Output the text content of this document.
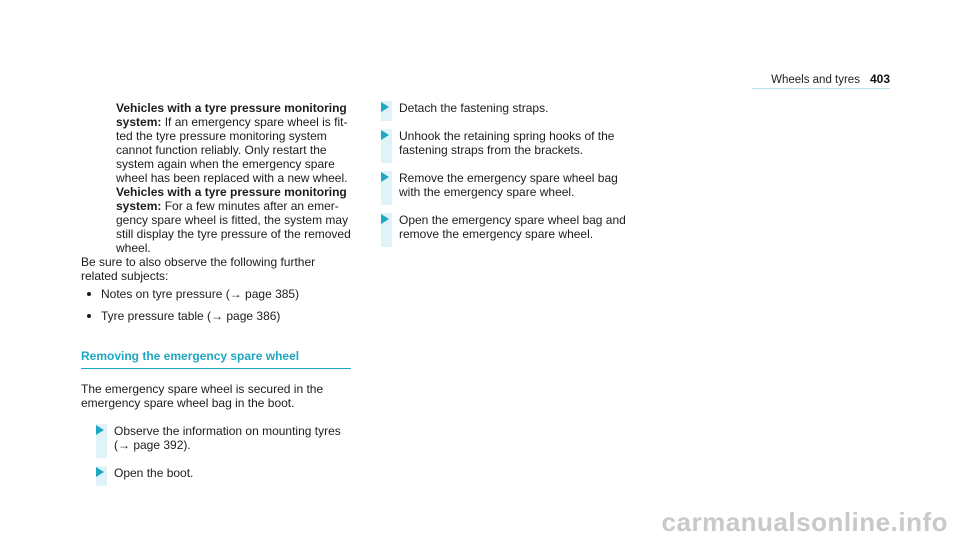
Wheels and tyres 403

Vehicles with a tyre pressure monitoring system: If an emergency spare wheel is fitted the tyre pressure monitoring system cannot function reliably. Only restart the system again when the emergency spare wheel has been replaced with a new wheel.

Vehicles with a tyre pressure monitoring system: For a few minutes after an emergency spare wheel is fitted, the system may still display the tyre pressure of the removed wheel.

Be sure to also observe the following further related subjects:

Notes on tyre pressure (→ page 385)
Tyre pressure table (→ page 386)
Removing the emergency spare wheel

The emergency spare wheel is secured in the emergency spare wheel bag in the boot.

Observe the information on mounting tyres (→ page 392).
Open the boot.
Detach the fastening straps.
Unhook the retaining spring hooks of the fastening straps from the brackets.
Remove the emergency spare wheel bag with the emergency spare wheel.
Open the emergency spare wheel bag and remove the emergency spare wheel.
carmanualsonline.info
